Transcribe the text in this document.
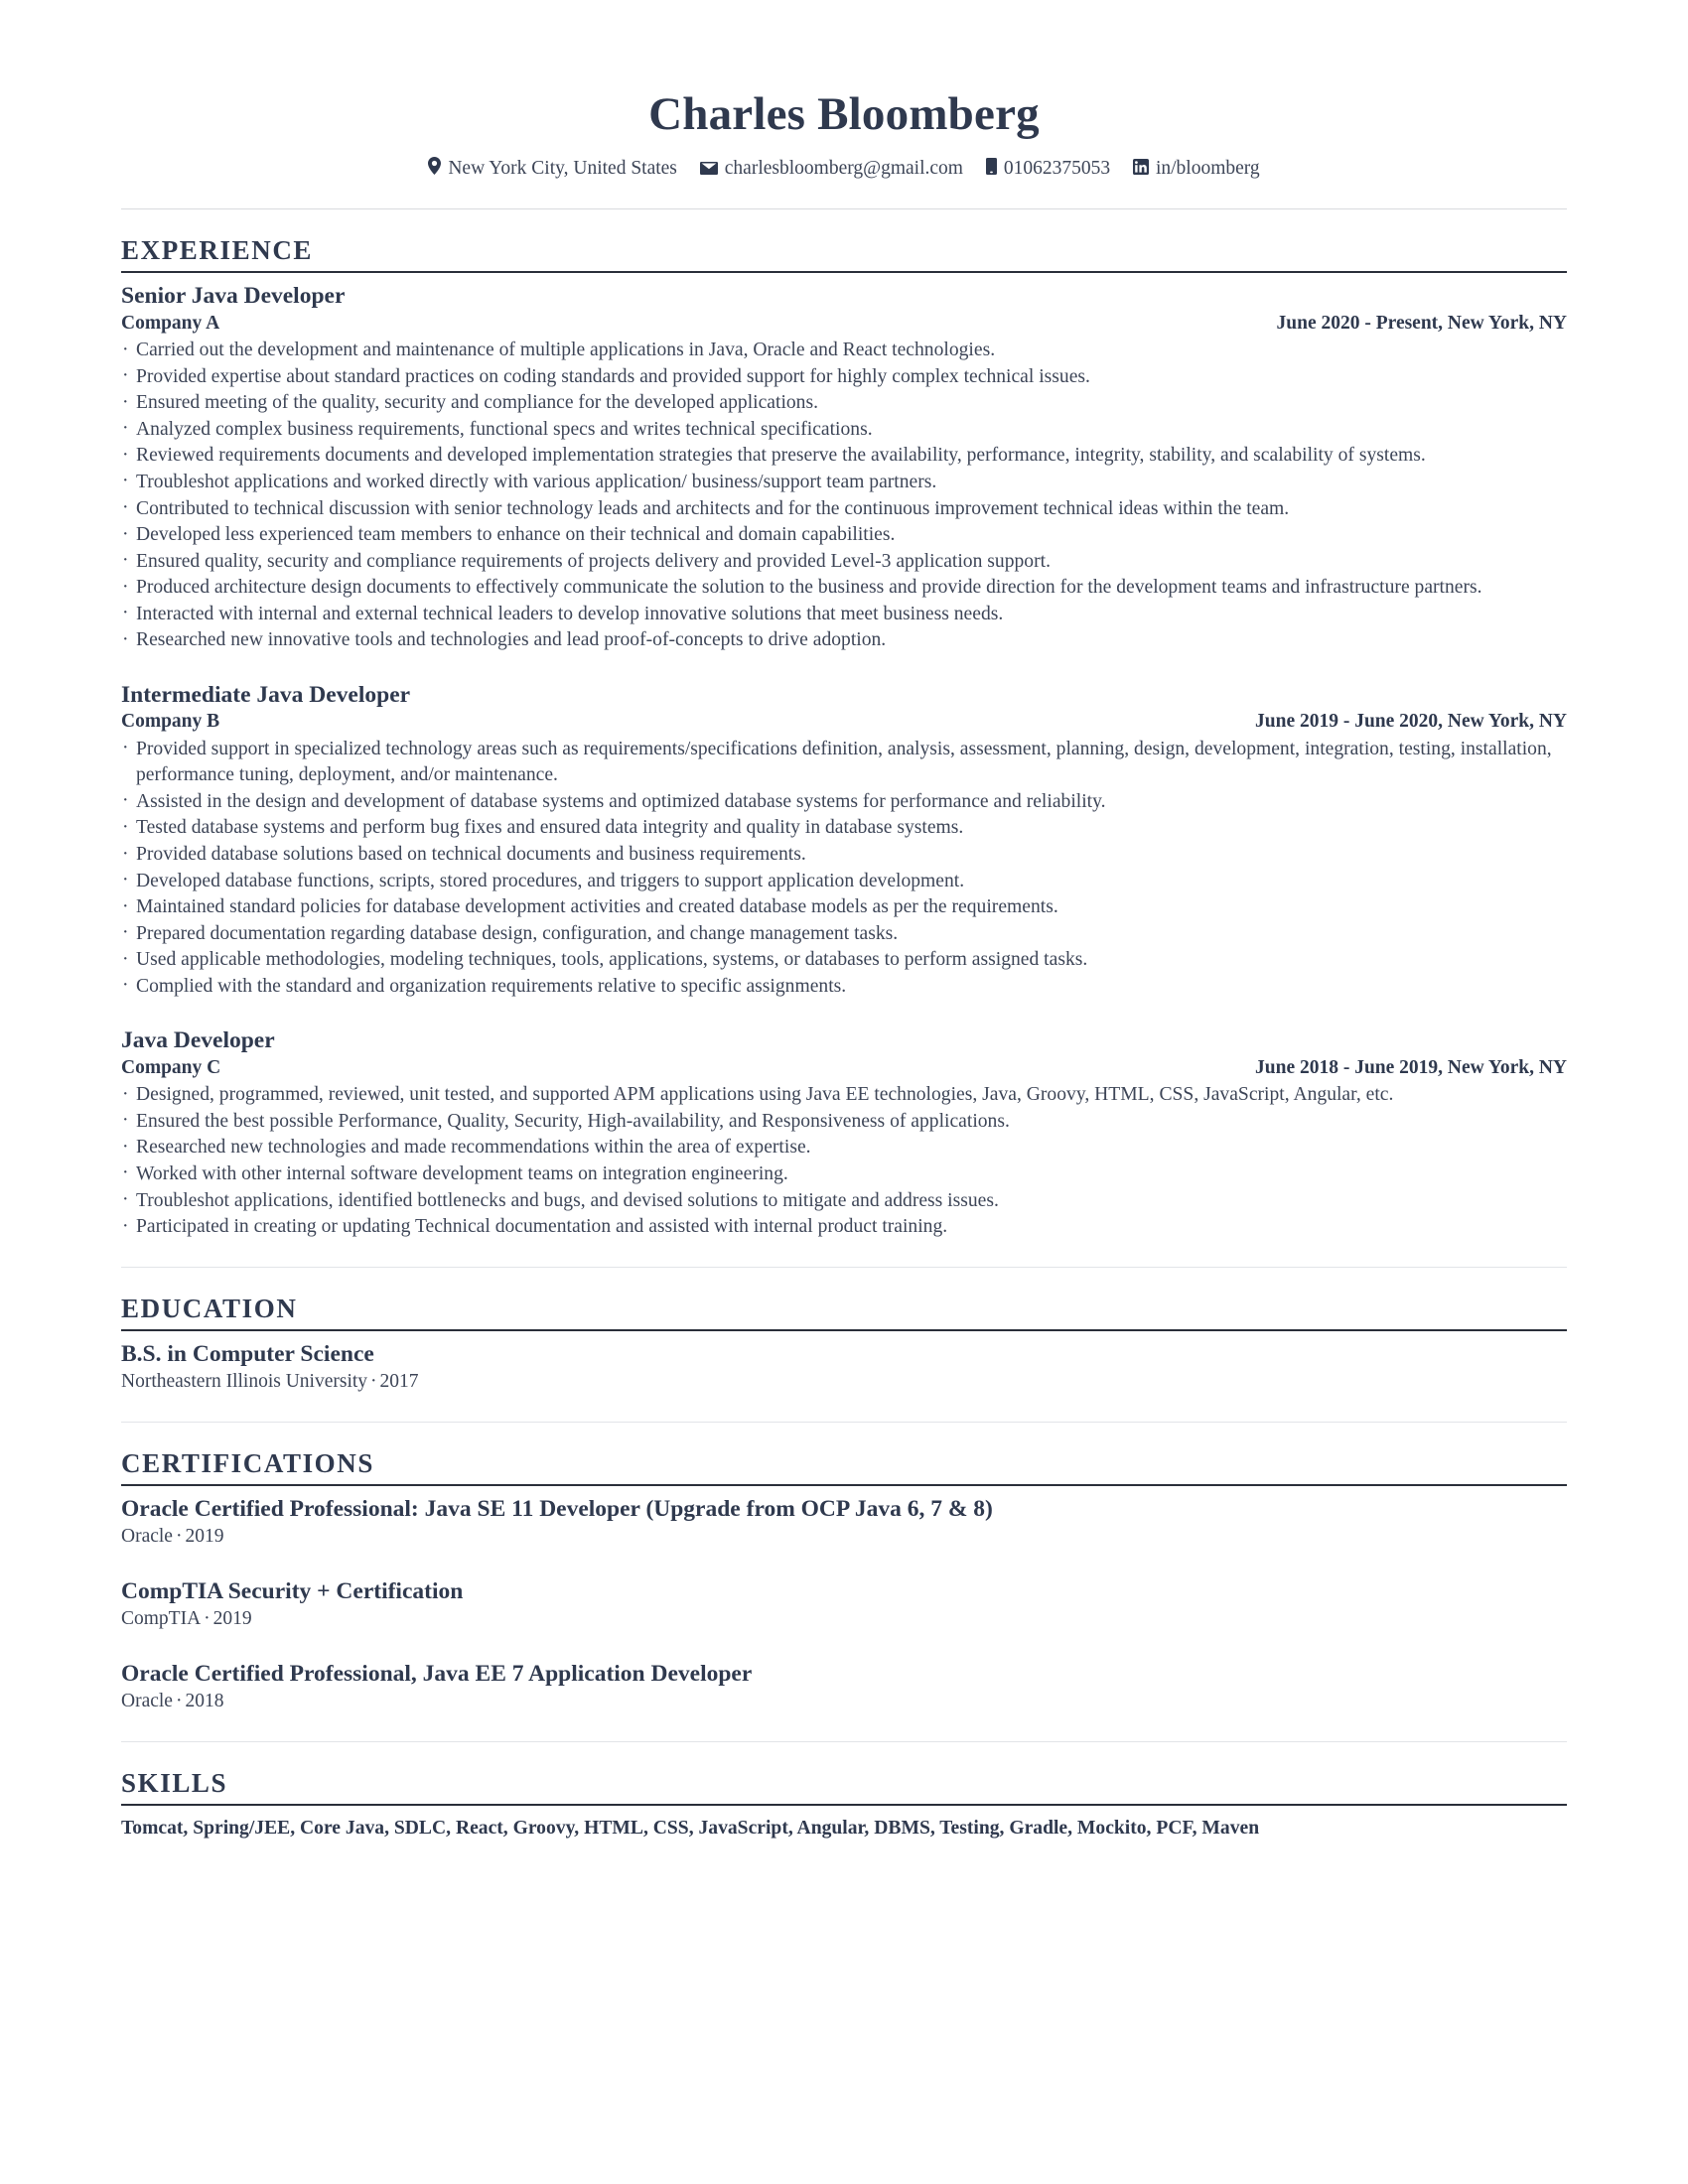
Charles Bloomberg
New York City, United States charlesbloomberg@gmail.com 01062375053 in/bloomberg
EXPERIENCE
Senior Java Developer
Company A	June 2020 - Present, New York, NY
· Carried out the development and maintenance of multiple applications in Java, Oracle and React technologies.
· Provided expertise about standard practices on coding standards and provided support for highly complex technical issues.
· Ensured meeting of the quality, security and compliance for the developed applications.
· Analyzed complex business requirements, functional specs and writes technical specifications.
· Reviewed requirements documents and developed implementation strategies that preserve the availability, performance, integrity, stability, and scalability of systems.
· Troubleshot applications and worked directly with various application/ business/support team partners.
· Contributed to technical discussion with senior technology leads and architects and for the continuous improvement technical ideas within the team.
· Developed less experienced team members to enhance on their technical and domain capabilities.
· Ensured quality, security and compliance requirements of projects delivery and provided Level-3 application support.
· Produced architecture design documents to effectively communicate the solution to the business and provide direction for the development teams and infrastructure partners.
· Interacted with internal and external technical leaders to develop innovative solutions that meet business needs.
· Researched new innovative tools and technologies and lead proof-of-concepts to drive adoption.
Intermediate Java Developer
Company B	June 2019 - June 2020, New York, NY
· Provided support in specialized technology areas such as requirements/specifications definition, analysis, assessment, planning, design, development, integration, testing, installation, performance tuning, deployment, and/or maintenance.
· Assisted in the design and development of database systems and optimized database systems for performance and reliability.
· Tested database systems and perform bug fixes and ensured data integrity and quality in database systems.
· Provided database solutions based on technical documents and business requirements.
· Developed database functions, scripts, stored procedures, and triggers to support application development.
· Maintained standard policies for database development activities and created database models as per the requirements.
· Prepared documentation regarding database design, configuration, and change management tasks.
· Used applicable methodologies, modeling techniques, tools, applications, systems, or databases to perform assigned tasks.
· Complied with the standard and organization requirements relative to specific assignments.
Java Developer
Company C	June 2018 - June 2019, New York, NY
· Designed, programmed, reviewed, unit tested, and supported APM applications using Java EE technologies, Java, Groovy, HTML, CSS, JavaScript, Angular, etc.
· Ensured the best possible Performance, Quality, Security, High-availability, and Responsiveness of applications.
· Researched new technologies and made recommendations within the area of expertise.
· Worked with other internal software development teams on integration engineering.
· Troubleshot applications, identified bottlenecks and bugs, and devised solutions to mitigate and address issues.
· Participated in creating or updating Technical documentation and assisted with internal product training.
EDUCATION
B.S. in Computer Science
Northeastern Illinois University · 2017
CERTIFICATIONS
Oracle Certified Professional: Java SE 11 Developer (Upgrade from OCP Java 6, 7 & 8)
Oracle · 2019
CompTIA Security + Certification
CompTIA · 2019
Oracle Certified Professional, Java EE 7 Application Developer
Oracle · 2018
SKILLS
Tomcat, Spring/JEE, Core Java, SDLC, React, Groovy, HTML, CSS, JavaScript, Angular, DBMS, Testing, Gradle, Mockito, PCF, Maven
